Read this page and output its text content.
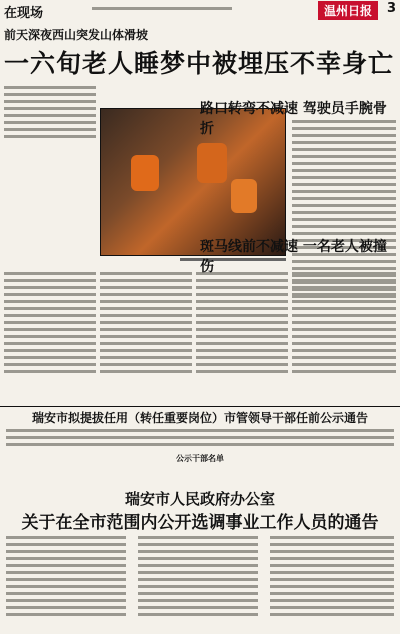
在现场	温州日报	3
前天深夜西山突发山体滑坡
一六旬老人睡梦中被埋压不幸身亡
路口转弯不减速 驾驶员手腕骨折
斑马线前不减速 一名老人被撞伤
瑞安市拟提拔任用（转任重要岗位）市管领导干部任前公示通告
公示干部名单
瑞安市人民政府办公室
关于在全市范围内公开选调事业工作人员的通告
